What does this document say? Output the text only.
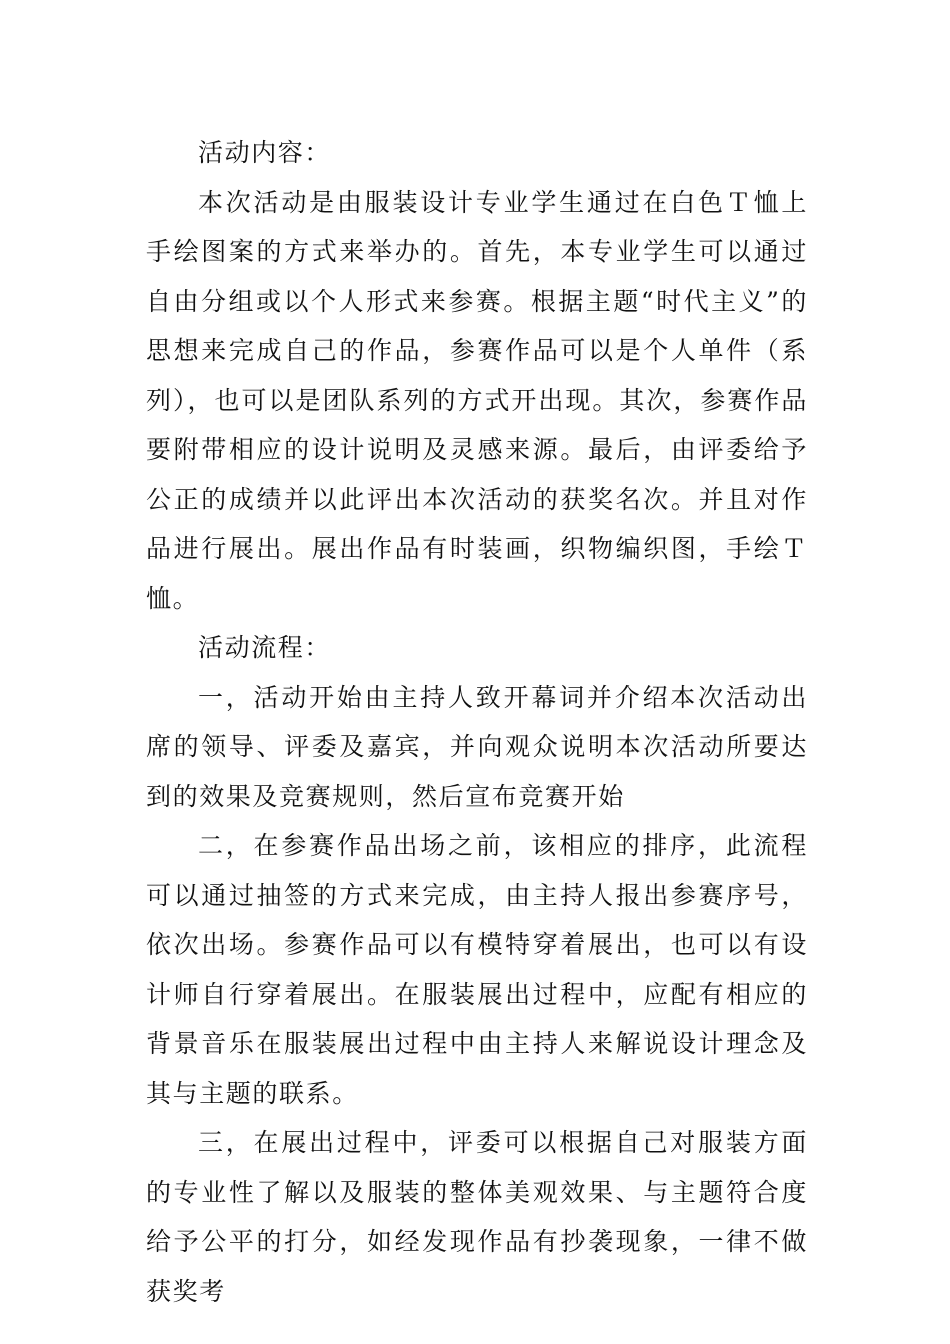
活动内容：

本次活动是由服装设计专业学生通过在白色Ｔ恤上手绘图案的方式来举办的。首先，本专业学生可以通过自由分组或以个人形式来参赛。根据主题“时代主义”的思想来完成自己的作品，参赛作品可以是个人单件（系列），也可以是团队系列的方式开出现。其次，参赛作品要附带相应的设计说明及灵感来源。最后，由评委给予公正的成绩并以此评出本次活动的获奖名次。并且对作品进行展出。展出作品有时装画，织物编织图，手绘Ｔ恤。

活动流程：

一，活动开始由主持人致开幕词并介绍本次活动出席的领导、评委及嘉宾，并向观众说明本次活动所要达到的效果及竞赛规则，然后宣布竞赛开始

二，在参赛作品出场之前，该相应的排序，此流程可以通过抽签的方式来完成，由主持人报出参赛序号，依次出场。参赛作品可以有模特穿着展出，也可以有设计师自行穿着展出。在服装展出过程中，应配有相应的背景音乐在服装展出过程中由主持人来解说设计理念及其与主题的联系。

三，在展出过程中，评委可以根据自己对服装方面的专业性了解以及服装的整体美观效果、与主题符合度给予公平的打分，如经发现作品有抄袭现象，一律不做获奖考
